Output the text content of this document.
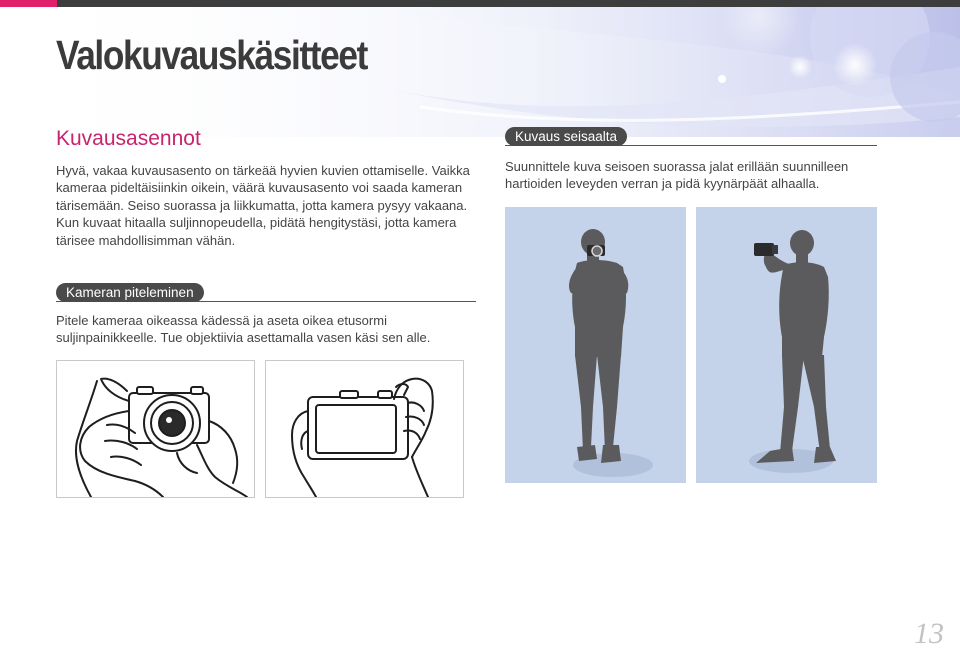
Valokuvauskäsitteet
Kuvausasennot

Hyvä, vakaa kuvausasento on tärkeää hyvien kuvien ottamiselle. Vaikka kameraa pideltäisiinkin oikein, väärä kuvausasento voi saada kameran tärisemään. Seiso suorassa ja liikkumatta, jotta kamera pysyy vakaana. Kun kuvaat hitaalla suljinnopeudella, pidätä hengitystäsi, jotta kamera tärisee mahdollisimman vähän.

Kameran piteleminen

Pitele kameraa oikeassa kädessä ja aseta oikea etusormi suljinpainikkeelle. Tue objektiivia asettamalla vasen käsi sen alle.

Kuvaus seisaalta

Suunnittele kuva seisoen suorassa jalat erillään suunnilleen hartioiden leveyden verran ja pidä kyynärpäät alhaalla.

13
